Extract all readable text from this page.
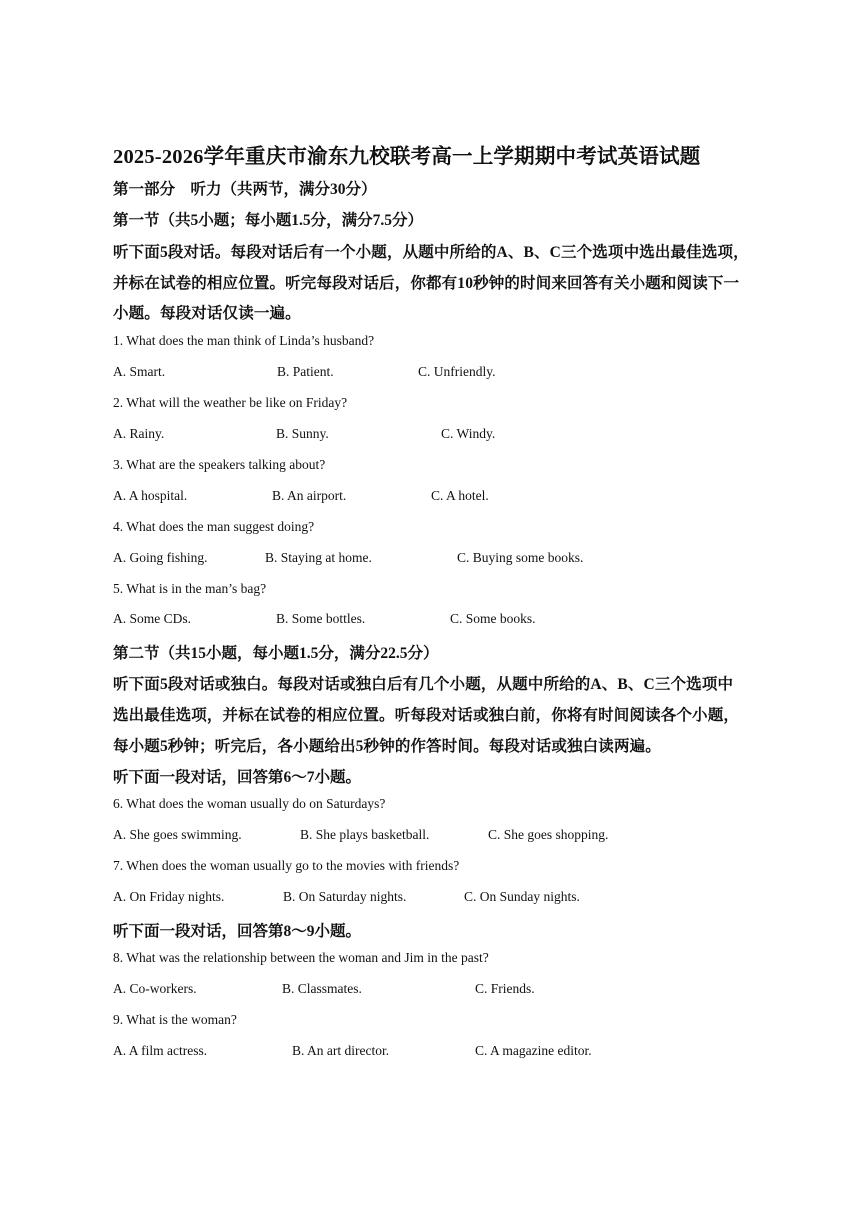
2025-2026学年重庆市渝东九校联考高一上学期期中考试英语试题
第一部分　听力（共两节，满分30分）
第一节（共5小题；每小题1.5分，满分7.5分）
听下面5段对话。每段对话后有一个小题，从题中所给的A、B、C三个选项中选出最佳选项，
并标在试卷的相应位置。听完每段对话后，你都有10秒钟的时间来回答有关小题和阅读下一
小题。每段对话仅读一遍。
1. What does the man think of Linda’s husband?
A. Smart.	B. Patient.	C. Unfriendly.
2. What will the weather be like on Friday?
A. Rainy.	B. Sunny.	C. Windy.
3. What are the speakers talking about?
A. A hospital.	B. An airport.	C. A hotel.
4. What does the man suggest doing?
A. Going fishing.	B. Staying at home.	C. Buying some books.
5. What is in the man’s bag?
A. Some CDs.	B. Some bottles.	C. Some books.
第二节（共15小题，每小题1.5分，满分22.5分）
听下面5段对话或独白。每段对话或独白后有几个小题，从题中所给的A、B、C三个选项中
选出最佳选项，并标在试卷的相应位置。听每段对话或独白前，你将有时间阅读各个小题，
每小题5秒钟；听完后，各小题给出5秒钟的作答时间。每段对话或独白读两遍。
听下面一段对话，回答第6～7小题。
6. What does the woman usually do on Saturdays?
A. She goes swimming.	B. She plays basketball.	C. She goes shopping.
7. When does the woman usually go to the movies with friends?
A. On Friday nights.	B. On Saturday nights.	C. On Sunday nights.
听下面一段对话，回答第8～9小题。
8. What was the relationship between the woman and Jim in the past?
A. Co-workers.	B. Classmates.	C. Friends.
9. What is the woman?
A. A film actress.	B. An art director.	C. A magazine editor.
